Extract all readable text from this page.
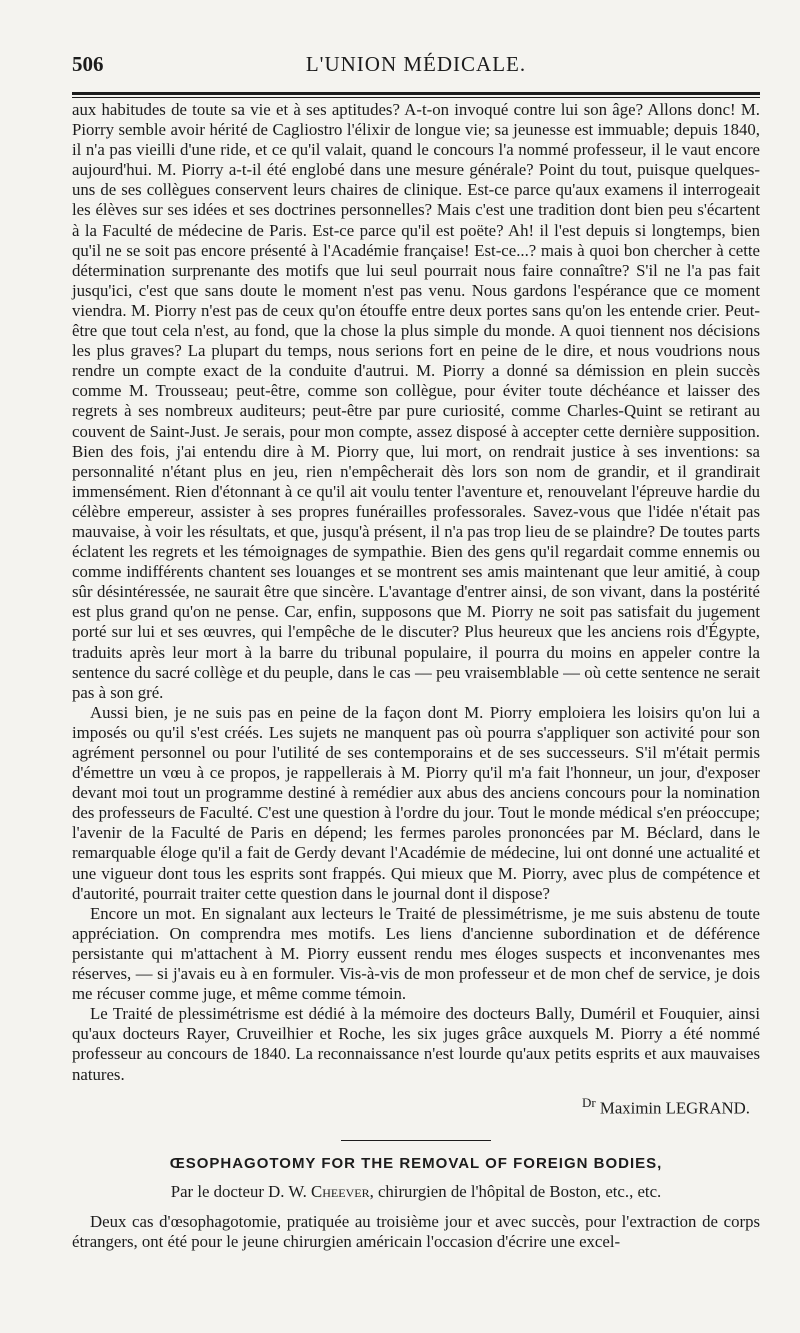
506	L'UNION MÉDICALE.

aux habitudes de toute sa vie et à ses aptitudes? A-t-on invoqué contre lui son âge? Allons donc! M. Piorry semble avoir hérité de Cagliostro l'élixir de longue vie; sa jeunesse est immuable; depuis 1840, il n'a pas vieilli d'une ride, et ce qu'il valait, quand le concours l'a nommé professeur, il le vaut encore aujourd'hui. M. Piorry a-t-il été englobé dans une mesure générale? Point du tout, puisque quelques-uns de ses collègues conservent leurs chaires de clinique. Est-ce parce qu'aux examens il interrogeait les élèves sur ses idées et ses doctrines personnelles? Mais c'est une tradition dont bien peu s'écartent à la Faculté de médecine de Paris. Est-ce parce qu'il est poëte? Ah! il l'est depuis si longtemps, bien qu'il ne se soit pas encore présenté à l'Académie française! Est-ce...? mais à quoi bon chercher à cette détermination surprenante des motifs que lui seul pourrait nous faire connaître? S'il ne l'a pas fait jusqu'ici, c'est que sans doute le moment n'est pas venu. Nous gardons l'espérance que ce moment viendra. M. Piorry n'est pas de ceux qu'on étouffe entre deux portes sans qu'on les entende crier. Peut-être que tout cela n'est, au fond, que la chose la plus simple du monde. A quoi tiennent nos décisions les plus graves? La plupart du temps, nous serions fort en peine de le dire, et nous voudrions nous rendre un compte exact de la conduite d'autrui. M. Piorry a donné sa démission en plein succès comme M. Trousseau; peut-être, comme son collègue, pour éviter toute déchéance et laisser des regrets à ses nombreux auditeurs; peut-être par pure curiosité, comme Charles-Quint se retirant au couvent de Saint-Just. Je serais, pour mon compte, assez disposé à accepter cette dernière supposition. Bien des fois, j'ai entendu dire à M. Piorry que, lui mort, on rendrait justice à ses inventions: sa personnalité n'étant plus en jeu, rien n'empêcherait dès lors son nom de grandir, et il grandirait immensément. Rien d'étonnant à ce qu'il ait voulu tenter l'aventure et, renouvelant l'épreuve hardie du célèbre empereur, assister à ses propres funérailles professorales. Savez-vous que l'idée n'était pas mauvaise, à voir les résultats, et que, jusqu'à présent, il n'a pas trop lieu de se plaindre? De toutes parts éclatent les regrets et les témoignages de sympathie. Bien des gens qu'il regardait comme ennemis ou comme indifférents chantent ses louanges et se montrent ses amis maintenant que leur amitié, à coup sûr désintéressée, ne saurait être que sincère. L'avantage d'entrer ainsi, de son vivant, dans la postérité est plus grand qu'on ne pense. Car, enfin, supposons que M. Piorry ne soit pas satisfait du jugement porté sur lui et ses œuvres, qui l'empêche de le discuter? Plus heureux que les anciens rois d'Égypte, traduits après leur mort à la barre du tribunal populaire, il pourra du moins en appeler contre la sentence du sacré collège et du peuple, dans le cas — peu vraisemblable — où cette sentence ne serait pas à son gré.

Aussi bien, je ne suis pas en peine de la façon dont M. Piorry emploiera les loisirs qu'on lui a imposés ou qu'il s'est créés. Les sujets ne manquent pas où pourra s'appliquer son activité pour son agrément personnel ou pour l'utilité de ses contemporains et de ses successeurs. S'il m'était permis d'émettre un vœu à ce propos, je rappellerais à M. Piorry qu'il m'a fait l'honneur, un jour, d'exposer devant moi tout un programme destiné à remédier aux abus des anciens concours pour la nomination des professeurs de Faculté. C'est une question à l'ordre du jour. Tout le monde médical s'en préoccupe; l'avenir de la Faculté de Paris en dépend; les fermes paroles prononcées par M. Béclard, dans le remarquable éloge qu'il a fait de Gerdy devant l'Académie de médecine, lui ont donné une actualité et une vigueur dont tous les esprits sont frappés. Qui mieux que M. Piorry, avec plus de compétence et d'autorité, pourrait traiter cette question dans le journal dont il dispose?

Encore un mot. En signalant aux lecteurs le Traité de plessimétrisme, je me suis abstenu de toute appréciation. On comprendra mes motifs. Les liens d'ancienne subordination et de déférence persistante qui m'attachent à M. Piorry eussent rendu mes éloges suspects et inconvenantes mes réserves, — si j'avais eu à en formuler. Vis-à-vis de mon professeur et de mon chef de service, je dois me récuser comme juge, et même comme témoin.

Le Traité de plessimétrisme est dédié à la mémoire des docteurs Bally, Duméril et Fouquier, ainsi qu'aux docteurs Rayer, Cruveilhier et Roche, les six juges grâce auxquels M. Piorry a été nommé professeur au concours de 1840. La reconnaissance n'est lourde qu'aux petits esprits et aux mauvaises natures.

$^{Dr}$ Maximin LEGRAND.
ŒSOPHAGOTOMY FOR THE REMOVAL OF FOREIGN BODIES,
Par le docteur D. W. Cheever, chirurgien de l'hôpital de Boston, etc., etc.
Deux cas d'œsophagotomie, pratiquée au troisième jour et avec succès, pour l'extraction de corps étrangers, ont été pour le jeune chirurgien américain l'occasion d'écrire une excel-
